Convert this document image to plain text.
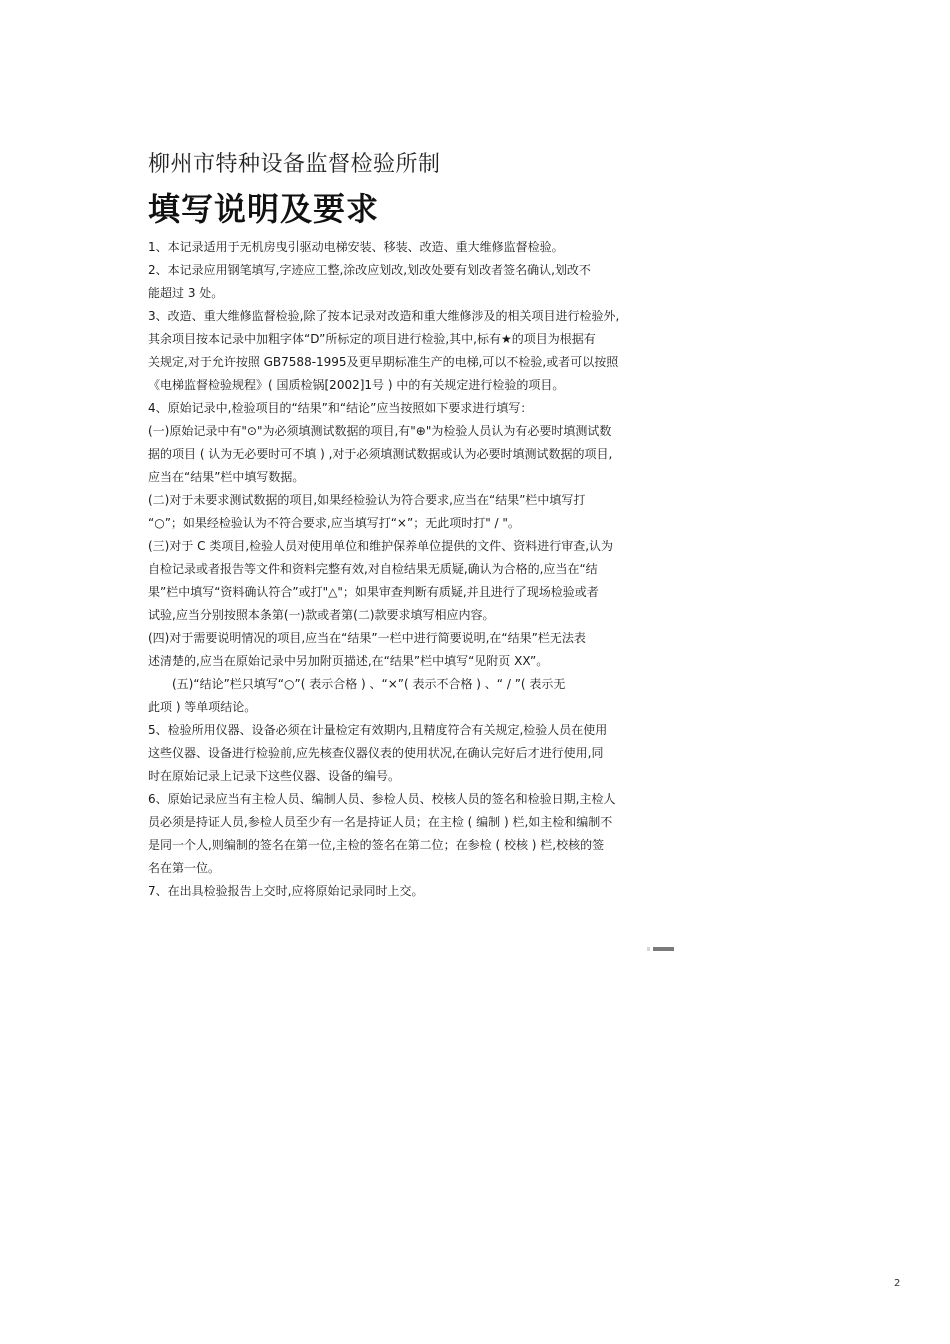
柳州市特种设备监督检验所制
填写说明及要求
1、本记录适用于无机房曳引驱动电梯安装、移装、改造、重大维修监督检验。
2、本记录应用钢笔填写,字迹应工整,涂改应划改,划改处要有划改者签名确认,划改不
能超过 3 处。
3、改造、重大维修监督检验,除了按本记录对改造和重大维修涉及的相关项目进行检验外,
其余项目按本记录中加粗字体“D”所标定的项目进行检验,其中,标有★的项目为根据有
关规定,对于允许按照 GB7588-1995及更早期标准生产的电梯,可以不检验,或者可以按照
《电梯监督检验规程》( 国质检锅[2002]1号 ) 中的有关规定进行检验的项目。
4、原始记录中,检验项目的“结果”和“结论”应当按照如下要求进行填写：
(一)原始记录中有"⊙"为必须填测试数据的项目,有"⊕"为检验人员认为有必要时填测试数
据的项目 ( 认为无必要时可不填 ) ,对于必须填测试数据或认为必要时填测试数据的项目,
应当在“结果”栏中填写数据。
(二)对于未要求测试数据的项目,如果经检验认为符合要求,应当在“结果”栏中填写打
“○”；如果经检验认为不符合要求,应当填写打“×”；无此项时打" / "。
(三)对于 C 类项目,检验人员对使用单位和维护保养单位提供的文件、资料进行审查,认为
自检记录或者报告等文件和资料完整有效,对自检结果无质疑,确认为合格的,应当在“结
果”栏中填写“资料确认符合”或打"△"；如果审查判断有质疑,并且进行了现场检验或者
试验,应当分别按照本条第(一)款或者第(二)款要求填写相应内容。
(四)对于需要说明情况的项目,应当在“结果”一栏中进行简要说明,在“结果”栏无法表
述清楚的,应当在原始记录中另加附页描述,在“结果”栏中填写“见附页 XX”。
(五)“结论”栏只填写“○”( 表示合格 ) 、“×”( 表示不合格 ) 、“ / ”( 表示无
此项 ) 等单项结论。
5、检验所用仪器、设备必须在计量检定有效期内,且精度符合有关规定,检验人员在使用
这些仪器、设备进行检验前,应先核查仪器仪表的使用状况,在确认完好后才进行使用,同
时在原始记录上记录下这些仪器、设备的编号。
6、原始记录应当有主检人员、编制人员、参检人员、校核人员的签名和检验日期,主检人
员必须是持证人员,参检人员至少有一名是持证人员；在主检 ( 编制 ) 栏,如主检和编制不
是同一个人,则编制的签名在第一位,主检的签名在第二位；在参检 ( 校核 ) 栏,校核的签
名在第一位。
7、在出具检验报告上交时,应将原始记录同时上交。
2
